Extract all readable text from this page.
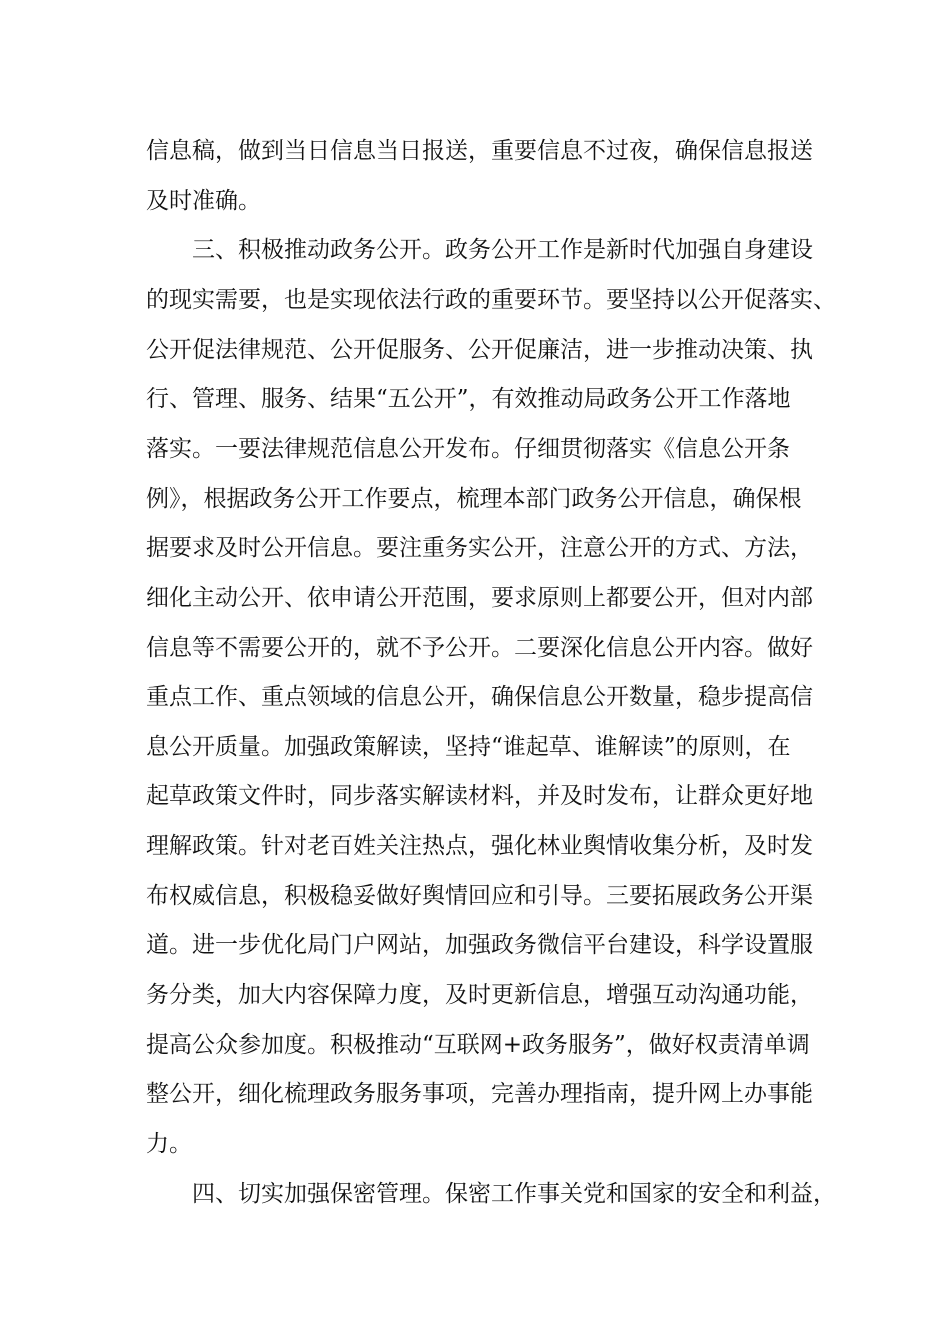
信息稿，做到当日信息当日报送，重要信息不过夜，确保信息报送
及时准确。
三、积极推动政务公开。政务公开工作是新时代加强自身建设
的现实需要，也是实现依法行政的重要环节。要坚持以公开促落实、
公开促法律规范、公开促服务、公开促廉洁，进一步推动决策、执
行、管理、服务、结果“五公开”，有效推动局政务公开工作落地
落实。一要法律规范信息公开发布。仔细贯彻落实《信息公开条
例》，根据政务公开工作要点，梳理本部门政务公开信息，确保根
据要求及时公开信息。要注重务实公开，注意公开的方式、方法，
细化主动公开、依申请公开范围，要求原则上都要公开，但对内部
信息等不需要公开的，就不予公开。二要深化信息公开内容。做好
重点工作、重点领域的信息公开，确保信息公开数量，稳步提高信
息公开质量。加强政策解读，坚持“谁起草、谁解读”的原则，在
起草政策文件时，同步落实解读材料，并及时发布，让群众更好地
理解政策。针对老百姓关注热点，强化林业舆情收集分析，及时发
布权威信息，积极稳妥做好舆情回应和引导。三要拓展政务公开渠
道。进一步优化局门户网站，加强政务微信平台建设，科学设置服
务分类，加大内容保障力度，及时更新信息，增强互动沟通功能，
提高公众参加度。积极推动“互联网+政务服务”，做好权责清单调
整公开，细化梳理政务服务事项，完善办理指南，提升网上办事能
力。
四、切实加强保密管理。保密工作事关党和国家的安全和利益，
